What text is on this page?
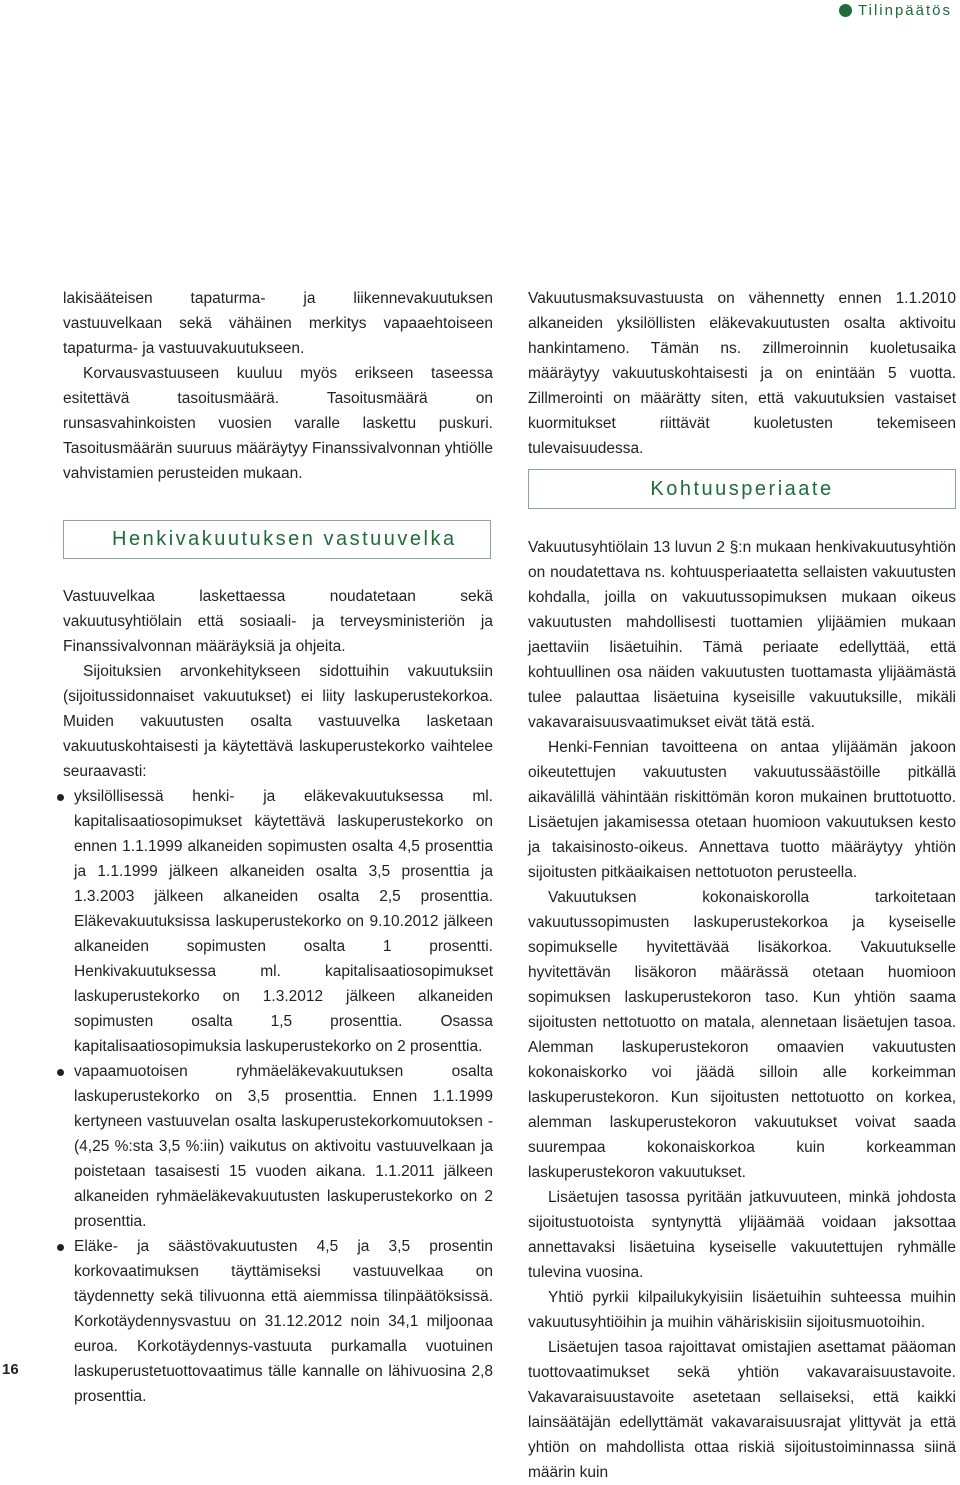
Tilinpäätös

lakisääteisen tapaturma- ja liikennevakuutuksen vastuuvelkaan sekä vähäinen merkitys vapaaehtoiseen tapaturma- ja vastuuvakuutukseen.

Korvausvastuuseen kuuluu myös erikseen taseessa esitettävä tasoitusmäärä. Tasoitusmäärä on runsasvahinkoisten vuosien varalle laskettu puskuri. Tasoitusmäärän suuruus määräytyy Finanssivalvonnan yhtiölle vahvistamien perusteiden mukaan.

Henkivakuutuksen vastuuvelka

Vastuuvelkaa laskettaessa noudatetaan sekä vakuutusyhtiölain että sosiaali- ja terveysministeriön ja Finanssivalvonnan määräyksiä ja ohjeita.

Sijoituksien arvonkehitykseen sidottuihin vakuutuksiin (sijoitussidonnaiset vakuutukset) ei liity laskuperustekorkoa. Muiden vakuutusten osalta vastuuvelka lasketaan vakuutuskohtaisesti ja käytettävä laskuperustekorko vaihtelee seuraavasti:

yksilöllisessä henki- ja eläkevakuutuksessa ml. kapitalisaatiosopimukset käytettävä laskuperustekorko on ennen 1.1.1999 alkaneiden sopimusten osalta 4,5 prosenttia ja 1.1.1999 jälkeen alkaneiden osalta 3,5 prosenttia ja 1.3.2003 jälkeen alkaneiden osalta 2,5 prosenttia. Eläkevakuutuksissa laskuperustekorko on 9.10.2012 jälkeen alkaneiden sopimusten osalta 1 prosentti. Henkivakuutuksessa ml. kapitalisaatiosopimukset laskuperustekorko on 1.3.2012 jälkeen alkaneiden sopimusten osalta 1,5 prosenttia. Osassa kapitalisaatiosopimuksia laskuperustekorko on 2 prosenttia.
vapaamuotoisen ryhmäeläkevakuutuksen osalta laskuperustekorko on 3,5 prosenttia. Ennen 1.1.1999 kertyneen vastuuvelan osalta laskuperustekorkomuutoksen - (4,25 %:sta 3,5 %:iin) vaikutus on aktivoitu vastuuvelkaan ja poistetaan tasaisesti 15 vuoden aikana. 1.1.2011 jälkeen alkaneiden ryhmäeläkevakuutusten laskuperustekorko on 2 prosenttia.
Eläke- ja säästövakuutusten 4,5 ja 3,5 prosentin korkovaatimuksen täyttämiseksi vastuuvelkaa on täydennetty sekä tilivuonna että aiemmissa tilinpäätöksissä. Korkotäydennysvastuu on 31.12.2012 noin 34,1 miljoonaa euroa. Korkotäydennys-vastuuta purkamalla vuotuinen laskuperustetuottovaatimus tälle kannalle on lähivuosina 2,8 prosenttia.

Vakuutusmaksuvastuusta on vähennetty ennen 1.1.2010 alkaneiden yksilöllisten eläkevakuutusten osalta aktivoitu hankintameno. Tämän ns. zillmeroinnin kuoletusaika määräytyy vakuutuskohtaisesti ja on enintään 5 vuotta. Zillmerointi on määrätty siten, että vakuutuksien vastaiset kuormitukset riittävät kuoletusten tekemiseen tulevaisuudessa.

Kohtuusperiaate

Vakuutusyhtiölain 13 luvun 2 §:n mukaan henkivakuutusyhtiön on noudatettava ns. kohtuusperiaatetta sellaisten vakuutusten kohdalla, joilla on vakuutussopimuksen mukaan oikeus vakuutusten mahdollisesti tuottamien ylijäämien mukaan jaettaviin lisäetuihin. Tämä periaate edellyttää, että kohtuullinen osa näiden vakuutusten tuottamasta ylijäämästä tulee palauttaa lisäetuina kyseisille vakuutuksille, mikäli vakavaraisuusvaatimukset eivät tätä estä.

Henki-Fennian tavoitteena on antaa ylijäämän jakoon oikeutettujen vakuutusten vakuutussäästöille pitkällä aikavälillä vähintään riskittömän koron mukainen bruttotuotto. Lisäetujen jakamisessa otetaan huomioon vakuutuksen kesto ja takaisinosto-oikeus. Annettava tuotto määräytyy yhtiön sijoitusten pitkäaikaisen nettotuoton perusteella.

Vakuutuksen kokonaiskorolla tarkoitetaan vakuutussopimusten laskuperustekorkoa ja kyseiselle sopimukselle hyvitettävää lisäkorkoa. Vakuutukselle hyvitettävän lisäkoron määrässä otetaan huomioon sopimuksen laskuperustekoron taso. Kun yhtiön saama sijoitusten nettotuotto on matala, alennetaan lisäetujen tasoa. Alemman laskuperustekoron omaavien vakuutusten kokonaiskorko voi jäädä silloin alle korkeimman laskuperustekoron. Kun sijoitusten nettotuotto on korkea, alemman laskuperustekoron vakuutukset voivat saada suurempaa kokonaiskorkoa kuin korkeamman laskuperustekoron vakuutukset.

Lisäetujen tasossa pyritään jatkuvuuteen, minkä johdosta sijoitustuotoista syntynyttä ylijäämää voidaan jaksottaa annettavaksi lisäetuina kyseiselle vakuutettujen ryhmälle tulevina vuosina.

Yhtiö pyrkii kilpailukykyisiin lisäetuihin suhteessa muihin vakuutusyhtiöihin ja muihin vähäriskisiin sijoitusmuotoihin.

Lisäetujen tasoa rajoittavat omistajien asettamat pääoman tuottovaatimukset sekä yhtiön vakavaraisuustavoite. Vakavaraisuustavoite asetetaan sellaiseksi, että kaikki lainsäätäjän edellyttämät vakavaraisuusrajat ylittyvät ja että yhtiön on mahdollista ottaa riskiä sijoitustoiminnassa siinä määrin kuin

16
